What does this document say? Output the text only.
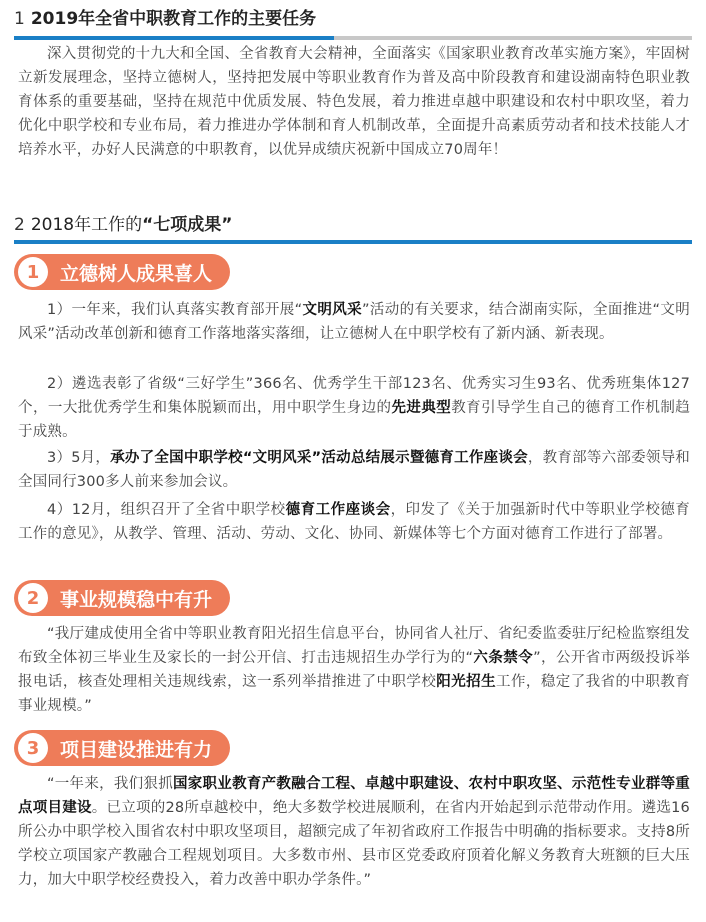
1 2019年全省中职教育工作的主要任务
深入贯彻党的十九大和全国、全省教育大会精神，全面落实《国家职业教育改革实施方案》，牢固树立新发展理念，坚持立德树人，坚持把发展中等职业教育作为普及高中阶段教育和建设湖南特色职业教育体系的重要基础，坚持在规范中优质发展、特色发展，着力推进卓越中职建设和农村中职攻坚，着力优化中职学校和专业布局，着力推进办学体制和育人机制改革，全面提升高素质劳动者和技术技能人才培养水平，办好人民满意的中职教育，以优异成绩庆祝新中国成立70周年！
2 2018年工作的“七项成果”
1	立德树人成果喜人
1）一年来，我们认真落实教育部开展“文明风采”活动的有关要求，结合湖南实际，全面推进“文明风采”活动改革创新和德育工作落地落实落细，让立德树人在中职学校有了新内涵、新表现。
2）遴选表彰了省级“三好学生”366名、优秀学生干部123名、优秀实习生93名、优秀班集体127个，一大批优秀学生和集体脱颖而出，用中职学生身边的先进典型教育引导学生自己的德育工作机制趋于成熟。
3）5月，承办了全国中职学校“文明风采”活动总结展示暨德育工作座谈会，教育部等六部委领导和全国同行300多人前来参加会议。
4）12月，组织召开了全省中职学校德育工作座谈会，印发了《关于加强新时代中等职业学校德育工作的意见》，从教学、管理、活动、劳动、文化、协同、新媒体等七个方面对德育工作进行了部署。
2	事业规模稳中有升
“我厅建成使用全省中等职业教育阳光招生信息平台，协同省人社厅、省纪委监委驻厅纪检监察组发布致全体初三毕业生及家长的一封公开信、打击违规招生办学行为的“六条禁令”，公开省市两级投诉举报电话，核查处理相关违规线索，这一系列举措推进了中职学校阳光招生工作，稳定了我省的中职教育事业规模。”
3	项目建设推进有力
“一年来，我们狠抓国家职业教育产教融合工程、卓越中职建设、农村中职攻坚、示范性专业群等重点项目建设。已立项的28所卓越校中，绝大多数学校进展顺利，在省内开始起到示范带动作用。遴选16所公办中职学校入围省农村中职攻坚项目，超额完成了年初省政府工作报告中明确的指标要求。支持8所学校立项国家产教融合工程规划项目。大多数市州、县市区党委政府顶着化解义务教育大班额的巨大压力，加大中职学校经费投入，着力改善中职办学条件。”
